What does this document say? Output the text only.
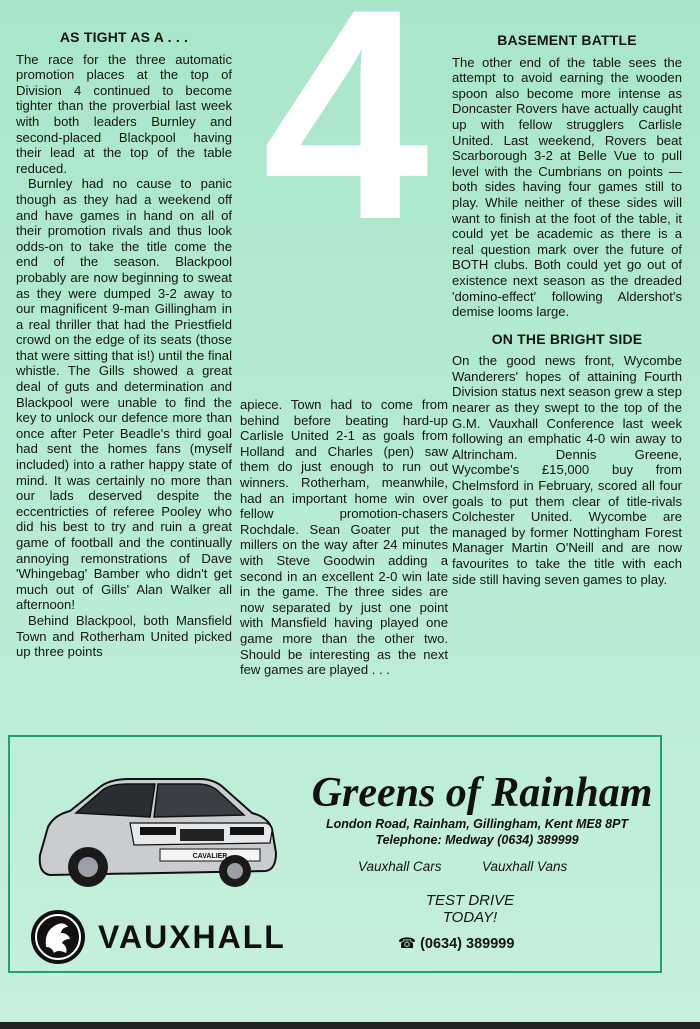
4
AS TIGHT AS A . . .

The race for the three automatic promotion places at the top of Division 4 continued to become tighter than the proverbial last week with both leaders Burnley and second-placed Blackpool having their lead at the top of the table reduced.

Burnley had no cause to panic though as they had a weekend off and have games in hand on all of their promotion rivals and thus look odds-on to take the title come the end of the season. Blackpool probably are now beginning to sweat as they were dumped 3-2 away to our magnificent 9-man Gillingham in a real thriller that had the Priestfield crowd on the edge of its seats (those that were sitting that is!) until the final whistle. The Gills showed a great deal of guts and determination and Blackpool were unable to find the key to unlock our defence more than once after Peter Beadle's third goal had sent the homes fans (myself included) into a rather happy state of mind. It was certainly no more than our lads deserved despite the eccentricties of referee Pooley who did his best to try and ruin a great game of football and the continually annoying remonstrations of Dave 'Whingebag' Bamber who didn't get much out of Gills' Alan Walker all afternoon!

Behind Blackpool, both Mansfield Town and Rotherham United picked up three points

apiece. Town had to come from behind before beating hard-up Carlisle United 2-1 as goals from Holland and Charles (pen) saw them do just enough to run out winners. Rotherham, meanwhile, had an important home win over fellow promotion-chasers Rochdale. Sean Goater put the millers on the way after 24 minutes with Steve Goodwin adding a second in an excellent 2-0 win late in the game. The three sides are now separated by just one point with Mansfield having played one game more than the other two. Should be interesting as the next few games are played . . .

BASEMENT BATTLE

The other end of the table sees the attempt to avoid earning the wooden spoon also become more intense as Doncaster Rovers have actually caught up with fellow strugglers Carlisle United. Last weekend, Rovers beat Scarborough 3-2 at Belle Vue to pull level with the Cumbrians on points — both sides having four games still to play. While neither of these sides will want to finish at the foot of the table, it could yet be academic as there is a real question mark over the future of BOTH clubs. Both could yet go out of existence next season as the dreaded 'domino-effect' following Aldershot's demise looms large.

ON THE BRIGHT SIDE

On the good news front, Wycombe Wanderers' hopes of attaining Fourth Division status next season grew a step nearer as they swept to the top of the G.M. Vauxhall Conference last week following an emphatic 4-0 win away to Altrincham. Dennis Greene, Wycombe's £15,000 buy from Chelmsford in February, scored all four goals to put them clear of title-rivals Colchester United. Wycombe are managed by former Nottingham Forest Manager Martin O'Neill and are now favourites to take the title with each side still having seven games to play.

CAVALIER
VAUXHALL
Greens of Rainham
London Road, Rainham, Gillingham, Kent ME8 8PT
Telephone: Medway (0634) 389999
Vauxhall Cars	Vauxhall Vans
TEST DRIVE
TODAY!
☎ (0634) 389999
